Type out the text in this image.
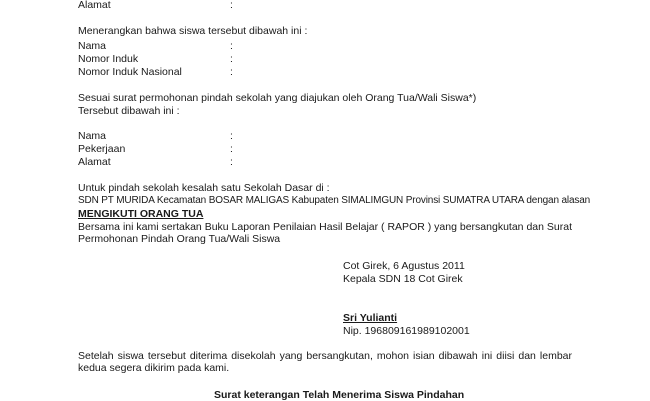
Alamat	:
Menerangkan bahwa siswa tersebut dibawah ini :
Nama	:
Nomor Induk	:
Nomor Induk Nasional	:
Sesuai surat permohonan pindah sekolah yang diajukan oleh Orang Tua/Wali Siswa*)
Tersebut dibawah ini :
Nama	:
Pekerjaan	:
Alamat	:
Untuk pindah sekolah kesalah satu Sekolah Dasar di :
SDN PT MURIDA Kecamatan BOSAR MALIGAS Kabupaten SIMALIMGUN Provinsi SUMATRA UTARA dengan alasan
MENGIKUTI ORANG TUA
Bersama ini kami sertakan Buku Laporan Penilaian Hasil Belajar ( RAPOR ) yang bersangkutan dan Surat Permohonan Pindah Orang Tua/Wali Siswa
Cot Girek, 6 Agustus 2011
Kepala SDN 18 Cot Girek
Sri Yulianti
Nip. 196809161989102001
Setelah siswa tersebut diterima disekolah yang bersangkutan, mohon isian dibawah ini diisi dan lembar kedua segera dikirim pada kami.
Surat keterangan Telah Menerima Siswa Pindahan
